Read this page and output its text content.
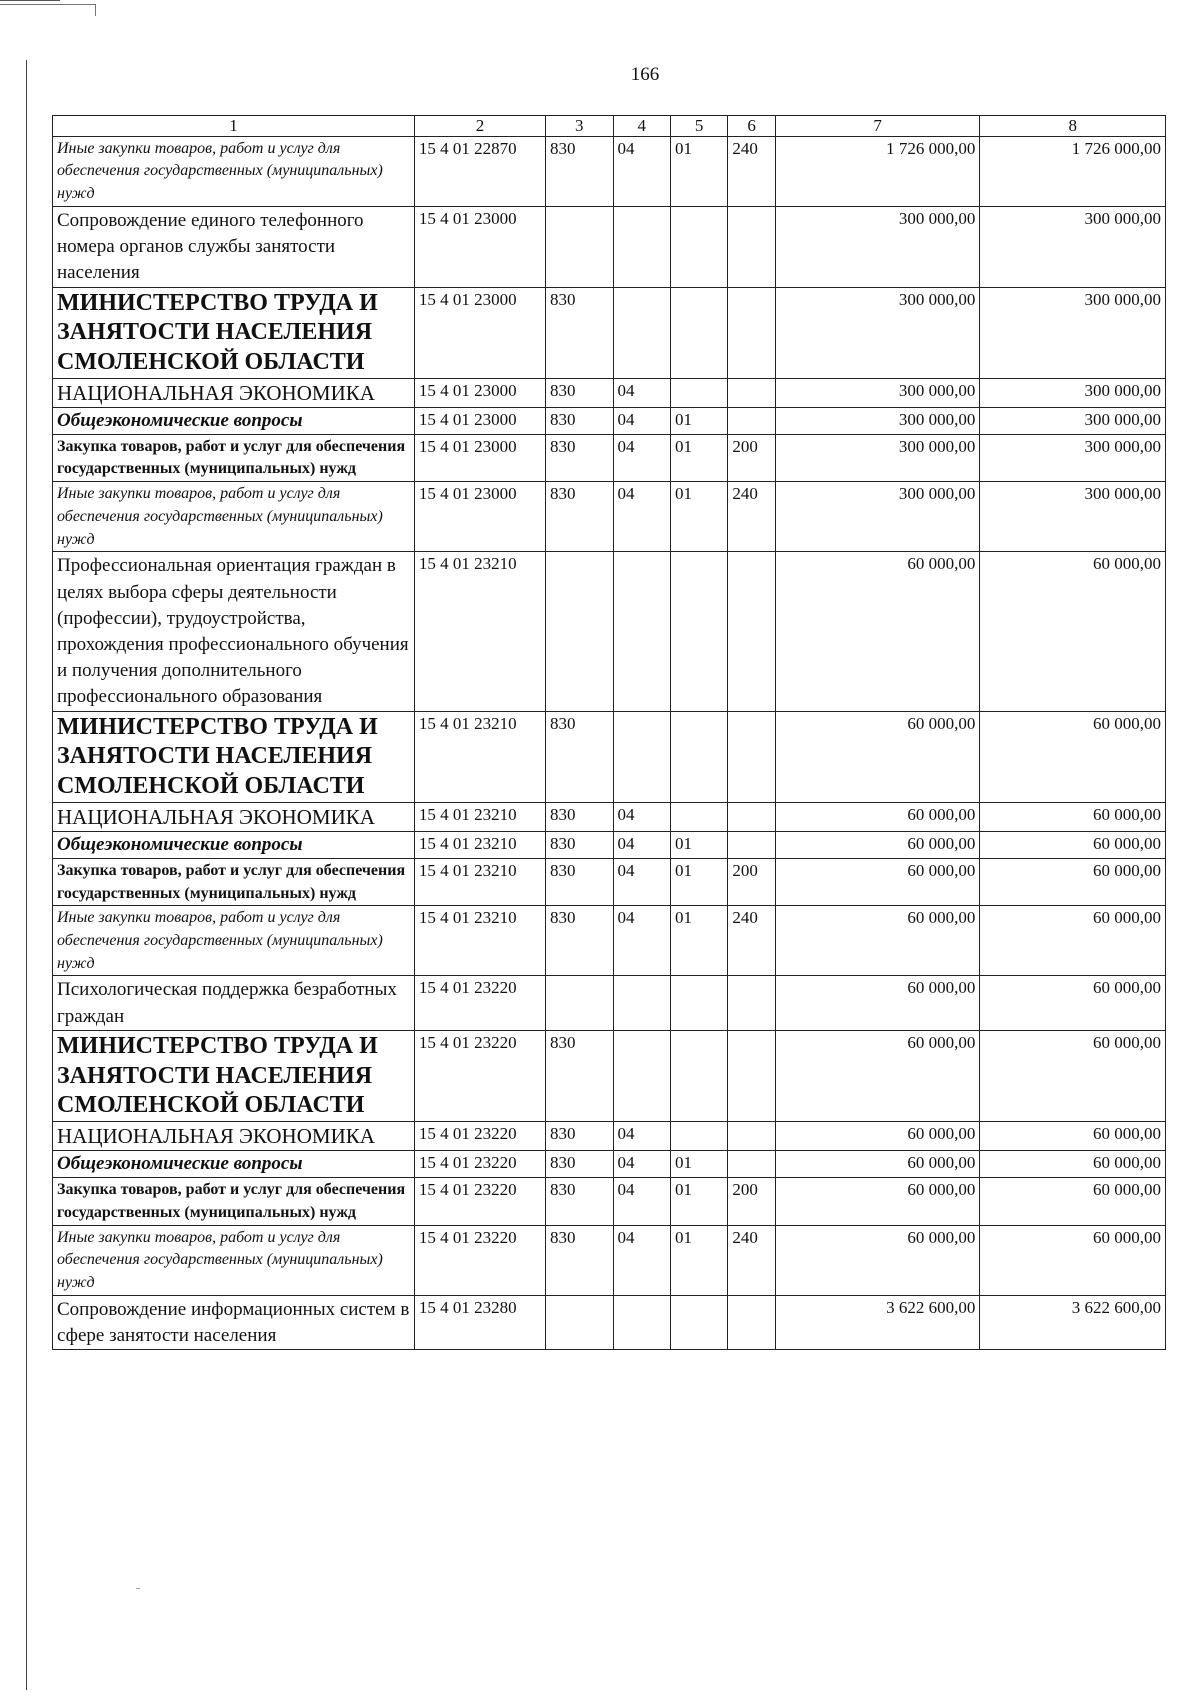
166
1	2	3	4	5	6	7	8
Иные закупки товаров, работ и услуг для обеспечения государственных (муниципальных) нужд	15 4 01 22870	830	04	01	240	1 726 000,00	1 726 000,00
Сопровождение единого телефонного номера органов службы занятости населения	15 4 01 23000					300 000,00	300 000,00
МИНИСТЕРСТВО ТРУДА И ЗАНЯТОСТИ НАСЕЛЕНИЯ СМОЛЕНСКОЙ ОБЛАСТИ	15 4 01 23000	830				300 000,00	300 000,00
НАЦИОНАЛЬНАЯ ЭКОНОМИКА	15 4 01 23000	830	04			300 000,00	300 000,00
Общеэкономические вопросы	15 4 01 23000	830	04	01		300 000,00	300 000,00
Закупка товаров, работ и услуг для обеспечения государственных (муниципальных) нужд	15 4 01 23000	830	04	01	200	300 000,00	300 000,00
Иные закупки товаров, работ и услуг для обеспечения государственных (муниципальных) нужд	15 4 01 23000	830	04	01	240	300 000,00	300 000,00
Профессиональная ориентация граждан в целях выбора сферы деятельности (профессии), трудоустройства, прохождения профессионального обучения и получения дополнительного профессионального образования	15 4 01 23210					60 000,00	60 000,00
МИНИСТЕРСТВО ТРУДА И ЗАНЯТОСТИ НАСЕЛЕНИЯ СМОЛЕНСКОЙ ОБЛАСТИ	15 4 01 23210	830				60 000,00	60 000,00
НАЦИОНАЛЬНАЯ ЭКОНОМИКА	15 4 01 23210	830	04			60 000,00	60 000,00
Общеэкономические вопросы	15 4 01 23210	830	04	01		60 000,00	60 000,00
Закупка товаров, работ и услуг для обеспечения государственных (муниципальных) нужд	15 4 01 23210	830	04	01	200	60 000,00	60 000,00
Иные закупки товаров, работ и услуг для обеспечения государственных (муниципальных) нужд	15 4 01 23210	830	04	01	240	60 000,00	60 000,00
Психологическая поддержка безработных граждан	15 4 01 23220					60 000,00	60 000,00
МИНИСТЕРСТВО ТРУДА И ЗАНЯТОСТИ НАСЕЛЕНИЯ СМОЛЕНСКОЙ ОБЛАСТИ	15 4 01 23220	830				60 000,00	60 000,00
НАЦИОНАЛЬНАЯ ЭКОНОМИКА	15 4 01 23220	830	04			60 000,00	60 000,00
Общеэкономические вопросы	15 4 01 23220	830	04	01		60 000,00	60 000,00
Закупка товаров, работ и услуг для обеспечения государственных (муниципальных) нужд	15 4 01 23220	830	04	01	200	60 000,00	60 000,00
Иные закупки товаров, работ и услуг для обеспечения государственных (муниципальных) нужд	15 4 01 23220	830	04	01	240	60 000,00	60 000,00
Сопровождение информационных систем в сфере занятости населения	15 4 01 23280					3 622 600,00	3 622 600,00
